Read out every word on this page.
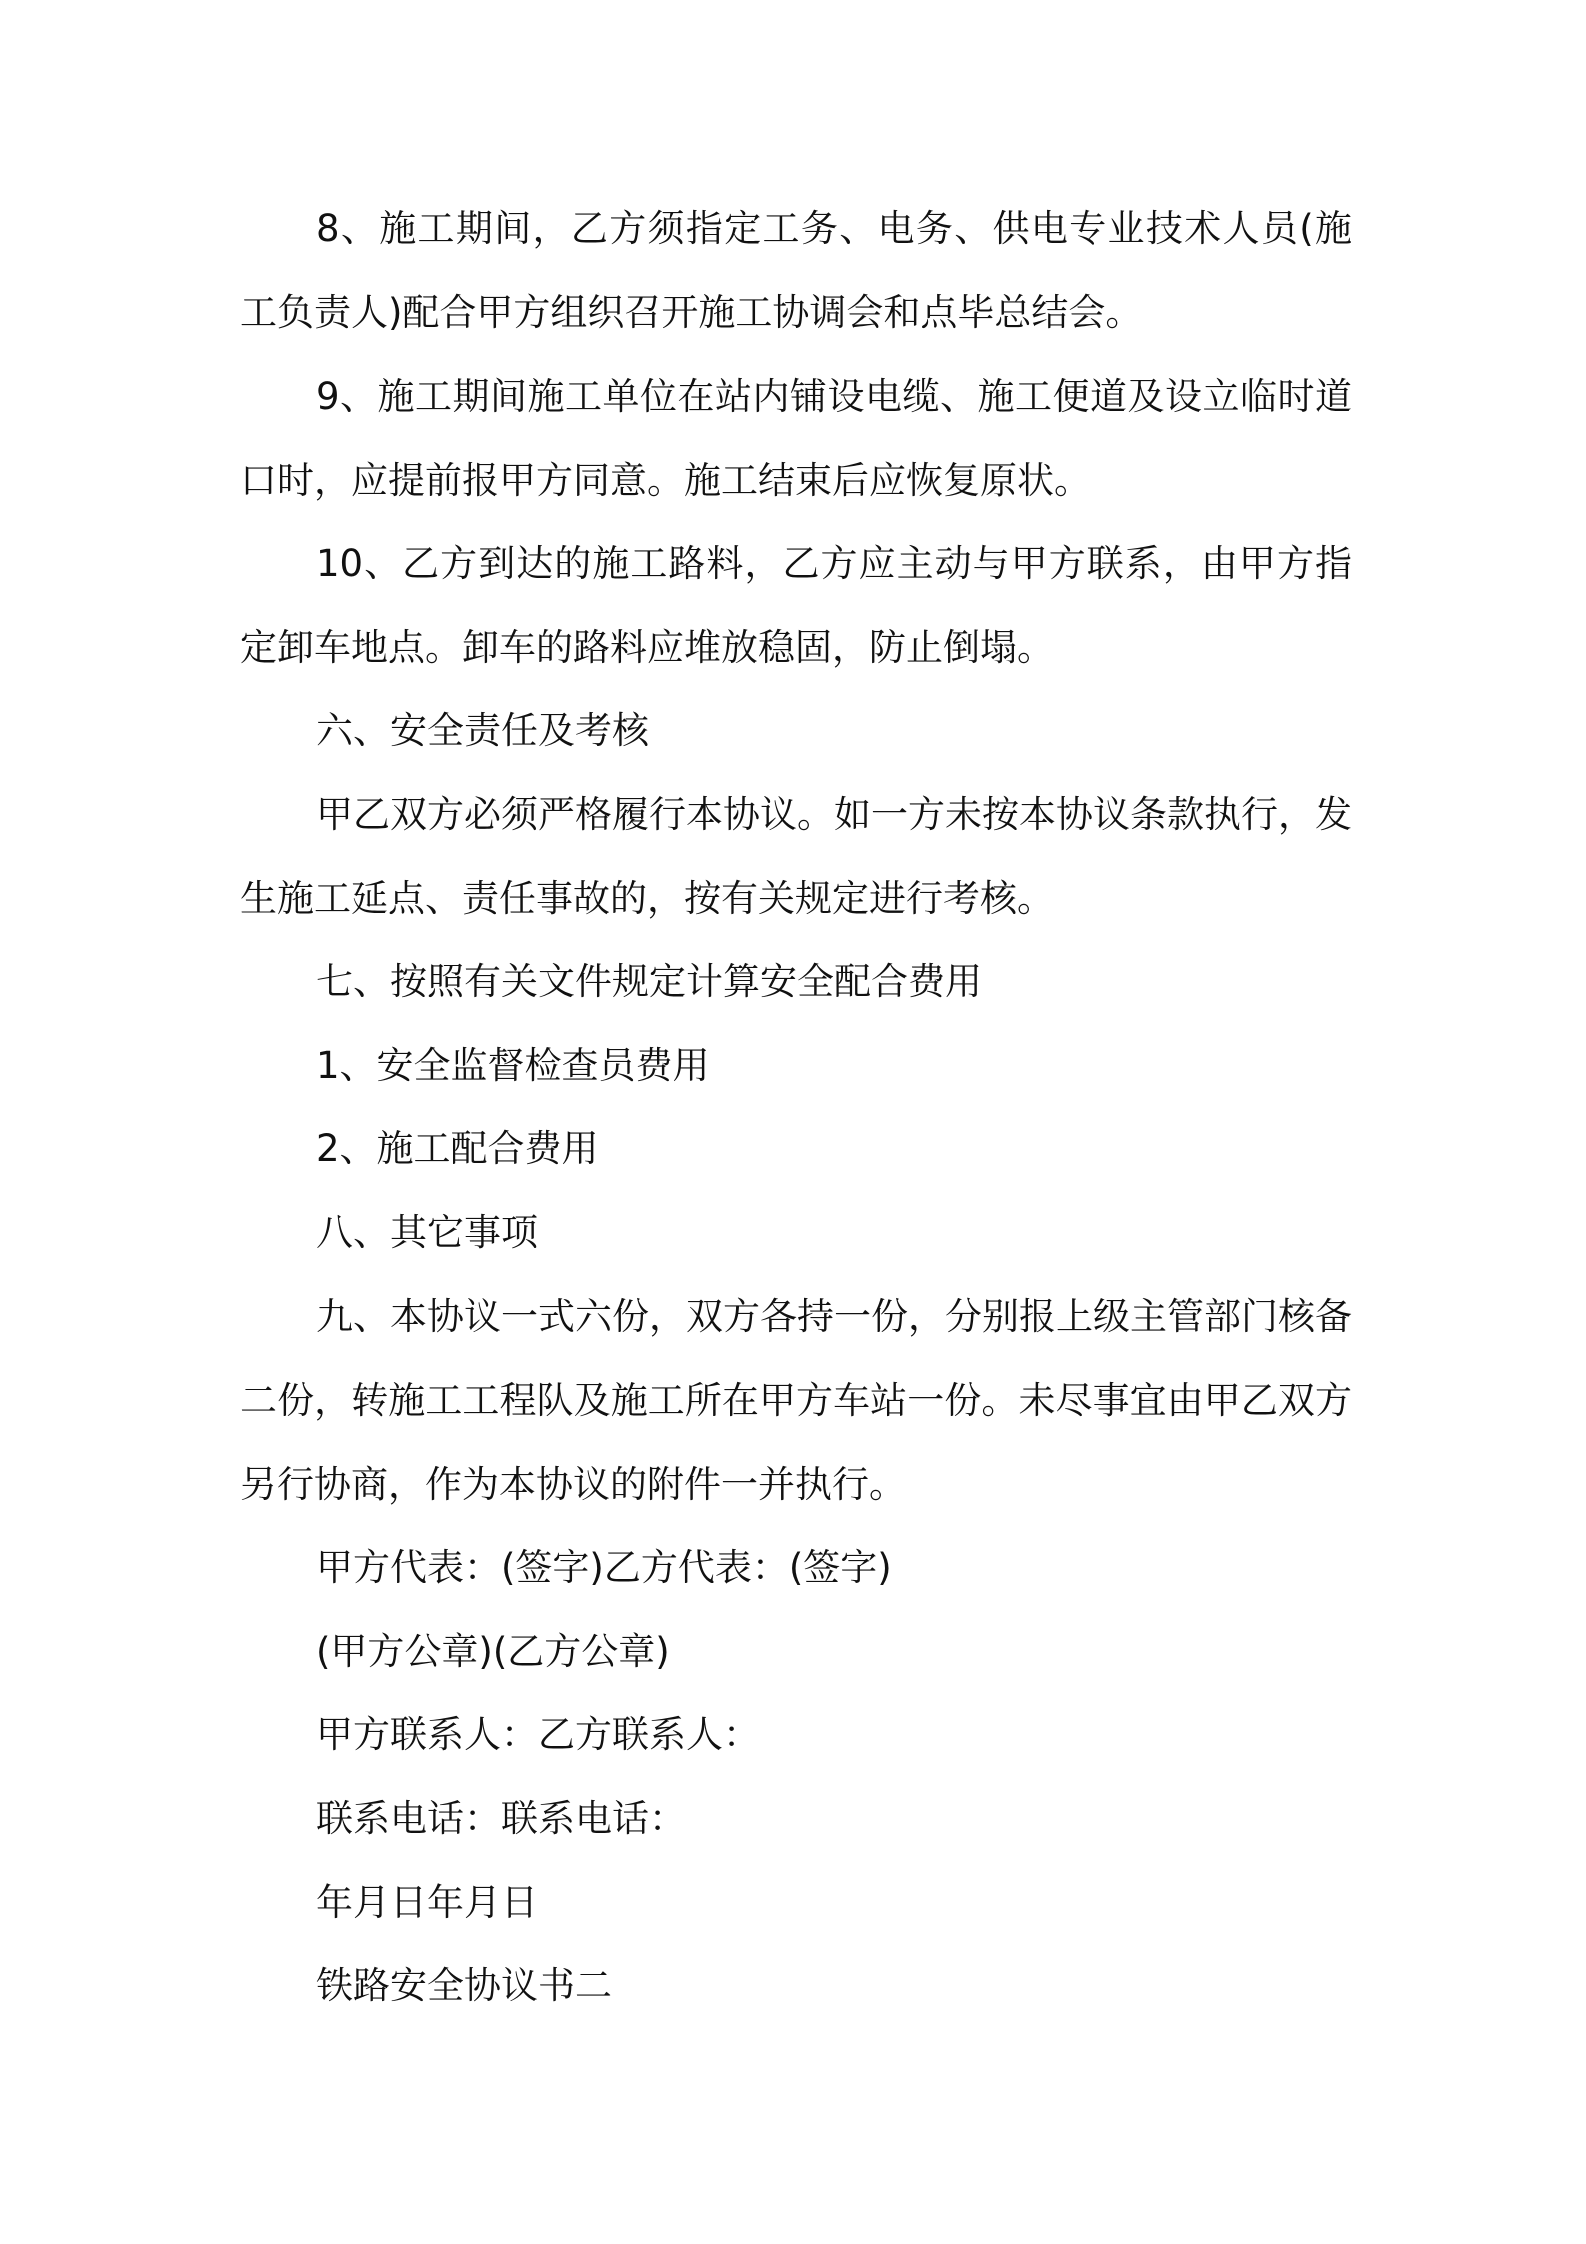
8、施工期间，乙方须指定工务、电务、供电专业技术人员(施工负责人)配合甲方组织召开施工协调会和点毕总结会。

9、施工期间施工单位在站内铺设电缆、施工便道及设立临时道口时，应提前报甲方同意。施工结束后应恢复原状。

10、乙方到达的施工路料，乙方应主动与甲方联系，由甲方指定卸车地点。卸车的路料应堆放稳固，防止倒塌。

六、安全责任及考核

甲乙双方必须严格履行本协议。如一方未按本协议条款执行，发生施工延点、责任事故的，按有关规定进行考核。

七、按照有关文件规定计算安全配合费用

1、安全监督检查员费用

2、施工配合费用

八、其它事项

九、本协议一式六份，双方各持一份，分别报上级主管部门核备二份，转施工工程队及施工所在甲方车站一份。未尽事宜由甲乙双方另行协商，作为本协议的附件一并执行。

甲方代表：(签字)乙方代表：(签字)

(甲方公章)(乙方公章)

甲方联系人：乙方联系人：

联系电话：联系电话：

年月日年月日

铁路安全协议书二
